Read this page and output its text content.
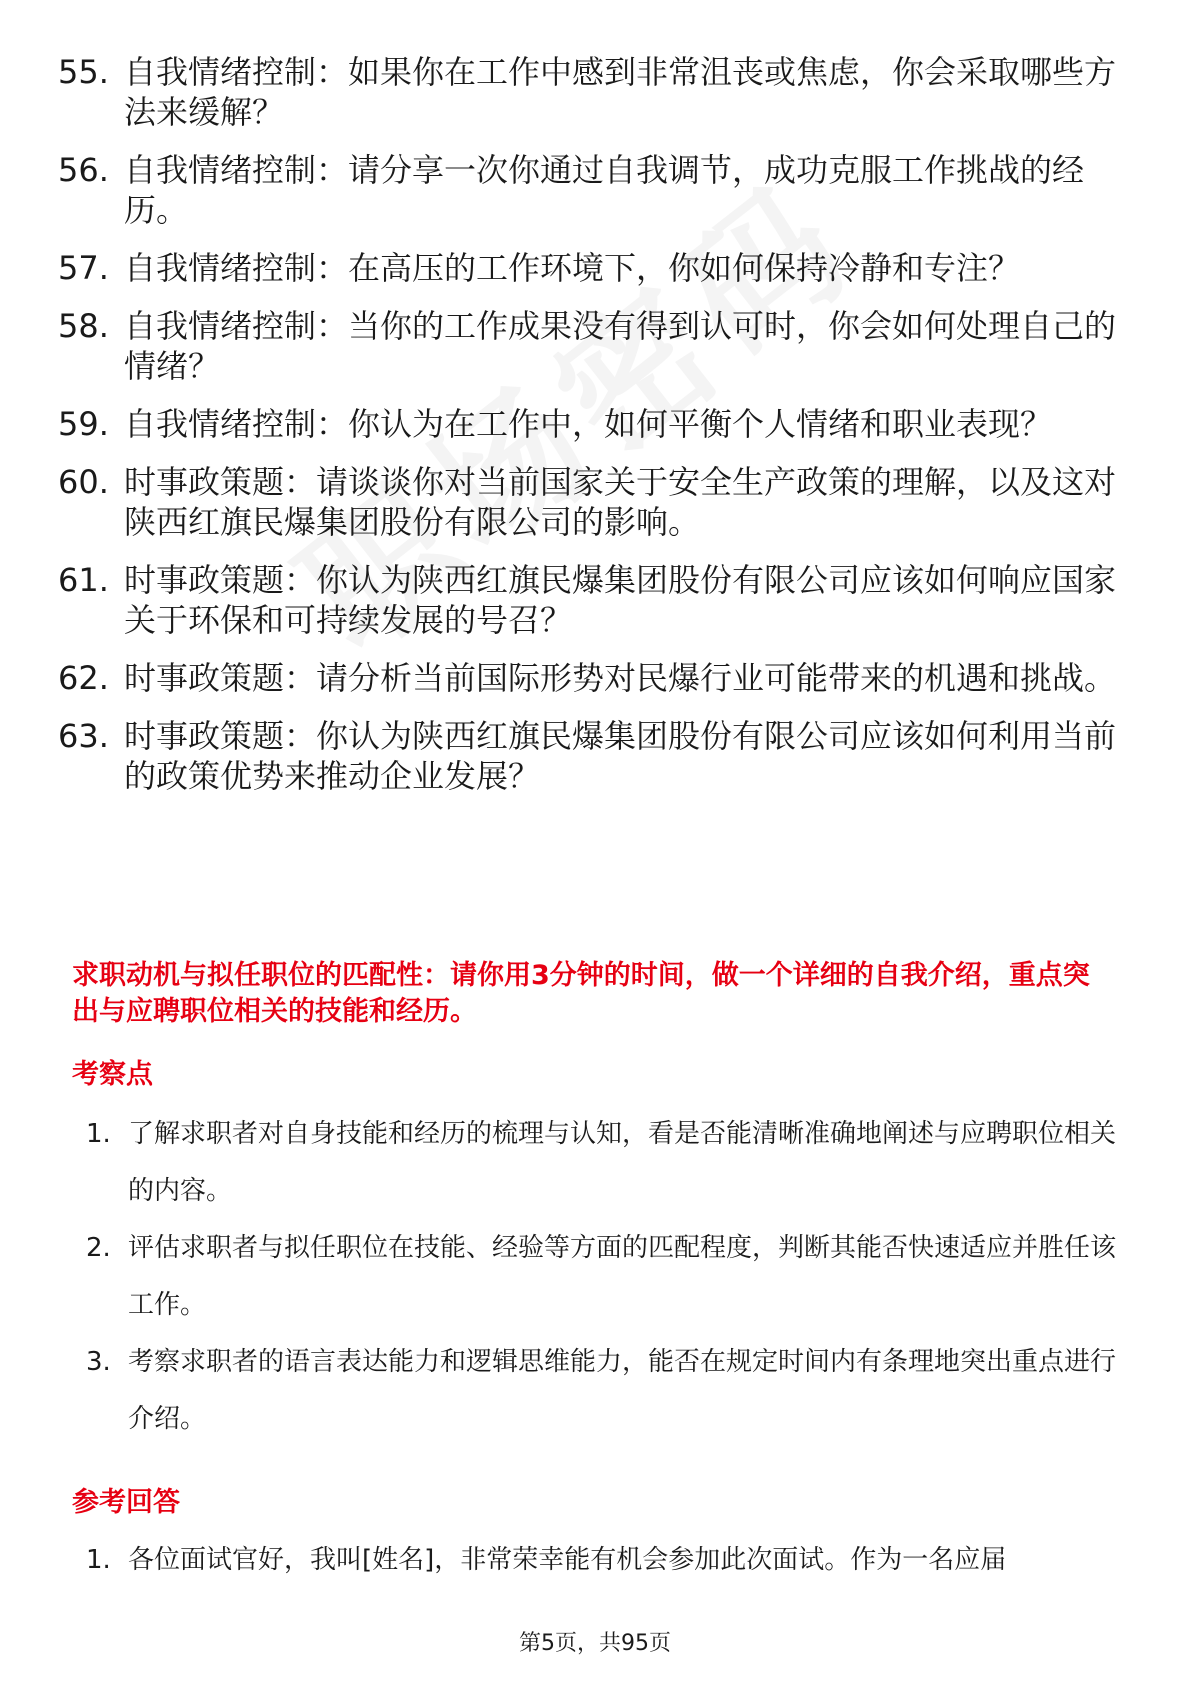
55. 自我情绪控制：如果你在工作中感到非常沮丧或焦虑，你会采取哪些方法来缓解？
56. 自我情绪控制：请分享一次你通过自我调节，成功克服工作挑战的经历。
57. 自我情绪控制：在高压的工作环境下，你如何保持冷静和专注？
58. 自我情绪控制：当你的工作成果没有得到认可时，你会如何处理自己的情绪？
59. 自我情绪控制：你认为在工作中，如何平衡个人情绪和职业表现？
60. 时事政策题：请谈谈你对当前国家关于安全生产政策的理解，以及这对陕西红旗民爆集团股份有限公司的影响。
61. 时事政策题：你认为陕西红旗民爆集团股份有限公司应该如何响应国家关于环保和可持续发展的号召？
62. 时事政策题：请分析当前国际形势对民爆行业可能带来的机遇和挑战。
63. 时事政策题：你认为陕西红旗民爆集团股份有限公司应该如何利用当前的政策优势来推动企业发展？
求职动机与拟任职位的匹配性：请你用3分钟的时间，做一个详细的自我介绍，重点突出与应聘职位相关的技能和经历。
考察点
1. 了解求职者对自身技能和经历的梳理与认知，看是否能清晰准确地阐述与应聘职位相关的内容。
2. 评估求职者与拟任职位在技能、经验等方面的匹配程度，判断其能否快速适应并胜任该工作。
3. 考察求职者的语言表达能力和逻辑思维能力，能否在规定时间内有条理地突出重点进行介绍。
参考回答
1. 各位面试官好，我叫[姓名]，非常荣幸能有机会参加此次面试。作为一名应届
第5页，共95页
